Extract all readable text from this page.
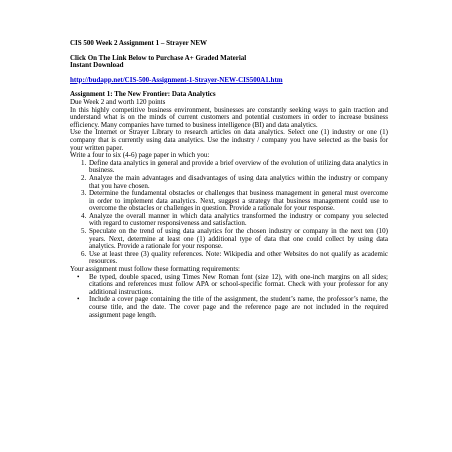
CIS 500 Week 2 Assignment 1 – Strayer NEW
Click On The Link Below to Purchase A+ Graded Material
Instant Download
http://budapp.net/CIS-500-Assignment-1-Strayer-NEW-CIS500A1.htm
Assignment 1: The New Frontier: Data Analytics
Due Week 2 and worth 120 points
In this highly competitive business environment, businesses are constantly seeking ways to gain traction and understand what is on the minds of current customers and potential customers in order to increase business efficiency. Many companies have turned to business intelligence (BI) and data analytics.
Use the Internet or Strayer Library to research articles on data analytics. Select one (1) industry or one (1) company that is currently using data analytics. Use the industry / company you have selected as the basis for your written paper.
Write a four to six (4-6) page paper in which you:
1. Define data analytics in general and provide a brief overview of the evolution of utilizing data analytics in business.
2. Analyze the main advantages and disadvantages of using data analytics within the industry or company that you have chosen.
3. Determine the fundamental obstacles or challenges that business management in general must overcome in order to implement data analytics. Next, suggest a strategy that business management could use to overcome the obstacles or challenges in question. Provide a rationale for your response.
4. Analyze the overall manner in which data analytics transformed the industry or company you selected with regard to customer responsiveness and satisfaction.
5. Speculate on the trend of using data analytics for the chosen industry or company in the next ten (10) years. Next, determine at least one (1) additional type of data that one could collect by using data analytics. Provide a rationale for your response.
6. Use at least three (3) quality references. Note: Wikipedia and other Websites do not qualify as academic resources.
Your assignment must follow these formatting requirements:
•	Be typed, double spaced, using Times New Roman font (size 12), with one-inch margins on all sides; citations and references must follow APA or school-specific format. Check with your professor for any additional instructions.
•	Include a cover page containing the title of the assignment, the student’s name, the professor’s name, the course title, and the date. The cover page and the reference page are not included in the required assignment page length.
